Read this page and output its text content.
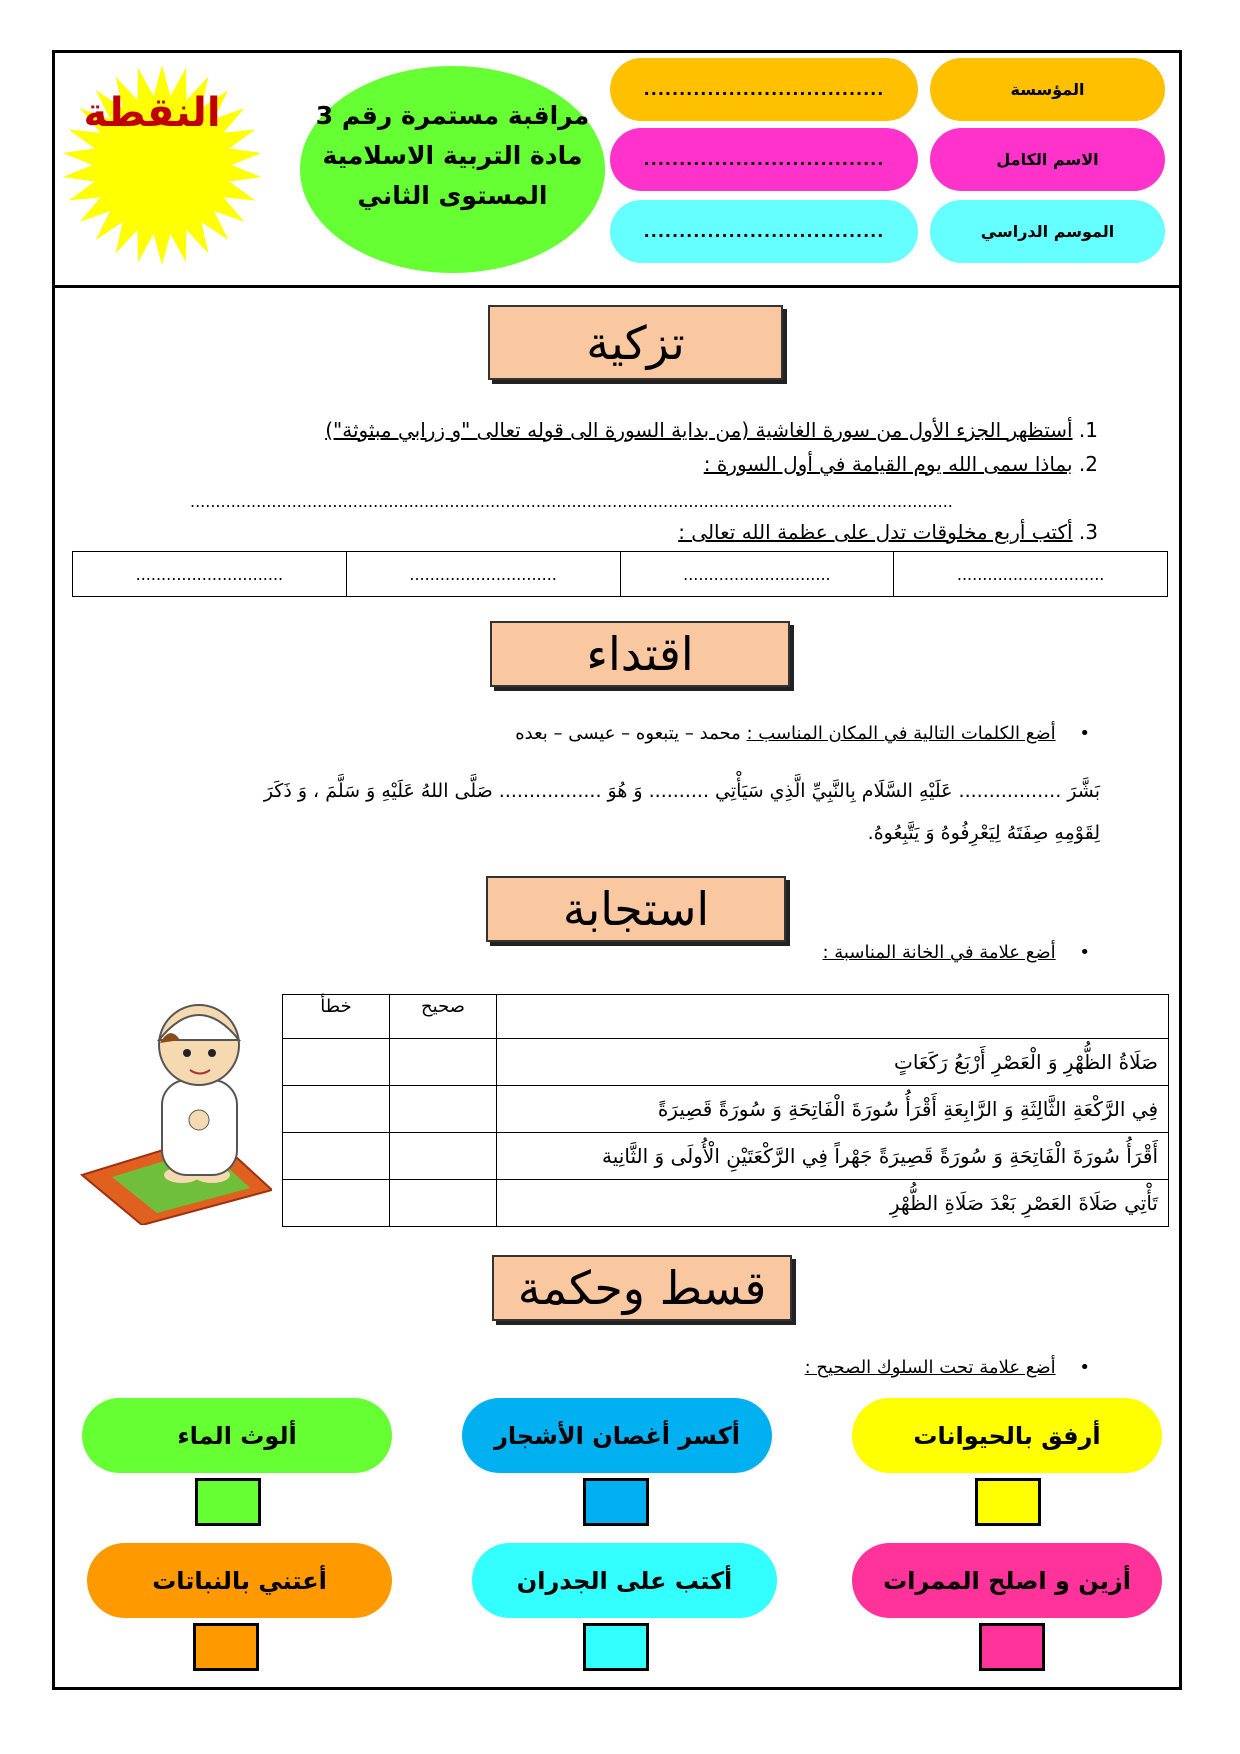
النقطة	مراقبة مستمرة رقم 3
مادة التربية الاسلامية
المستوى الثاني
المؤسسة
..................................
الاسم الكامل
..................................
الموسم الدراسي
..................................
تزكية
1. أستظهر الجزء الأول من سورة الغاشية (من بداية السورة الى قوله تعالى "و زرابي مبثوثة")
2. بماذا سمى الله يوم القيامة في أول السورة :
......................................................................................................................................................
3. أكتب أربع مخلوقات تدل على عظمة الله تعالى :
.............................	.............................	.............................	.............................
اقتداء
• أضع الكلمات التالية في المكان المناسب : محمد – يتبعوه – عيسى – بعده
بَشَّرَ ................. عَلَيْهِ السَّلَام بِالنَّبِيِّ الَّذِي سَيَأْتِي .......... وَ هُوَ ................. صَلَّى اللهُ عَلَيْهِ وَ سَلَّمَ ، وَ ذَكَرَ
لِقَوْمِهِ صِفَتَهُ لِيَعْرِفُوهُ وَ يَتَّبِعُوهُ.
استجابة
• أضع علامة في الخانة المناسبة :
خطأ	صحيح	
		صَلَاةُ الظُّهْرِ وَ الْعَصْرِ أَرْبَعُ رَكَعَاتٍ
		فِي الرَّكْعَةِ الثَّالِثَةِ وَ الرَّابِعَةِ أَقْرَأُ سُورَةَ الْفَاتِحَةِ وَ سُورَةً قَصِيرَةً
		أَقْرَأُ سُورَةَ الْفَاتِحَةِ وَ سُورَةً قَصِيرَةً جَهْراً فِي الرَّكْعَتَيْنِ الْأُولَى وَ الثَّانِية
		تَأْتِي صَلَاةَ العَصْرِ بَعْدَ صَلَاةِ الظُّهْرِ
قسط وحكمة
• أضع علامة تحت السلوك الصحيح :
أرفق بالحيوانات
أكسر أغصان الأشجار
ألوث الماء
أزين و اصلح الممرات
أكتب على الجدران
أعتني بالنباتات
